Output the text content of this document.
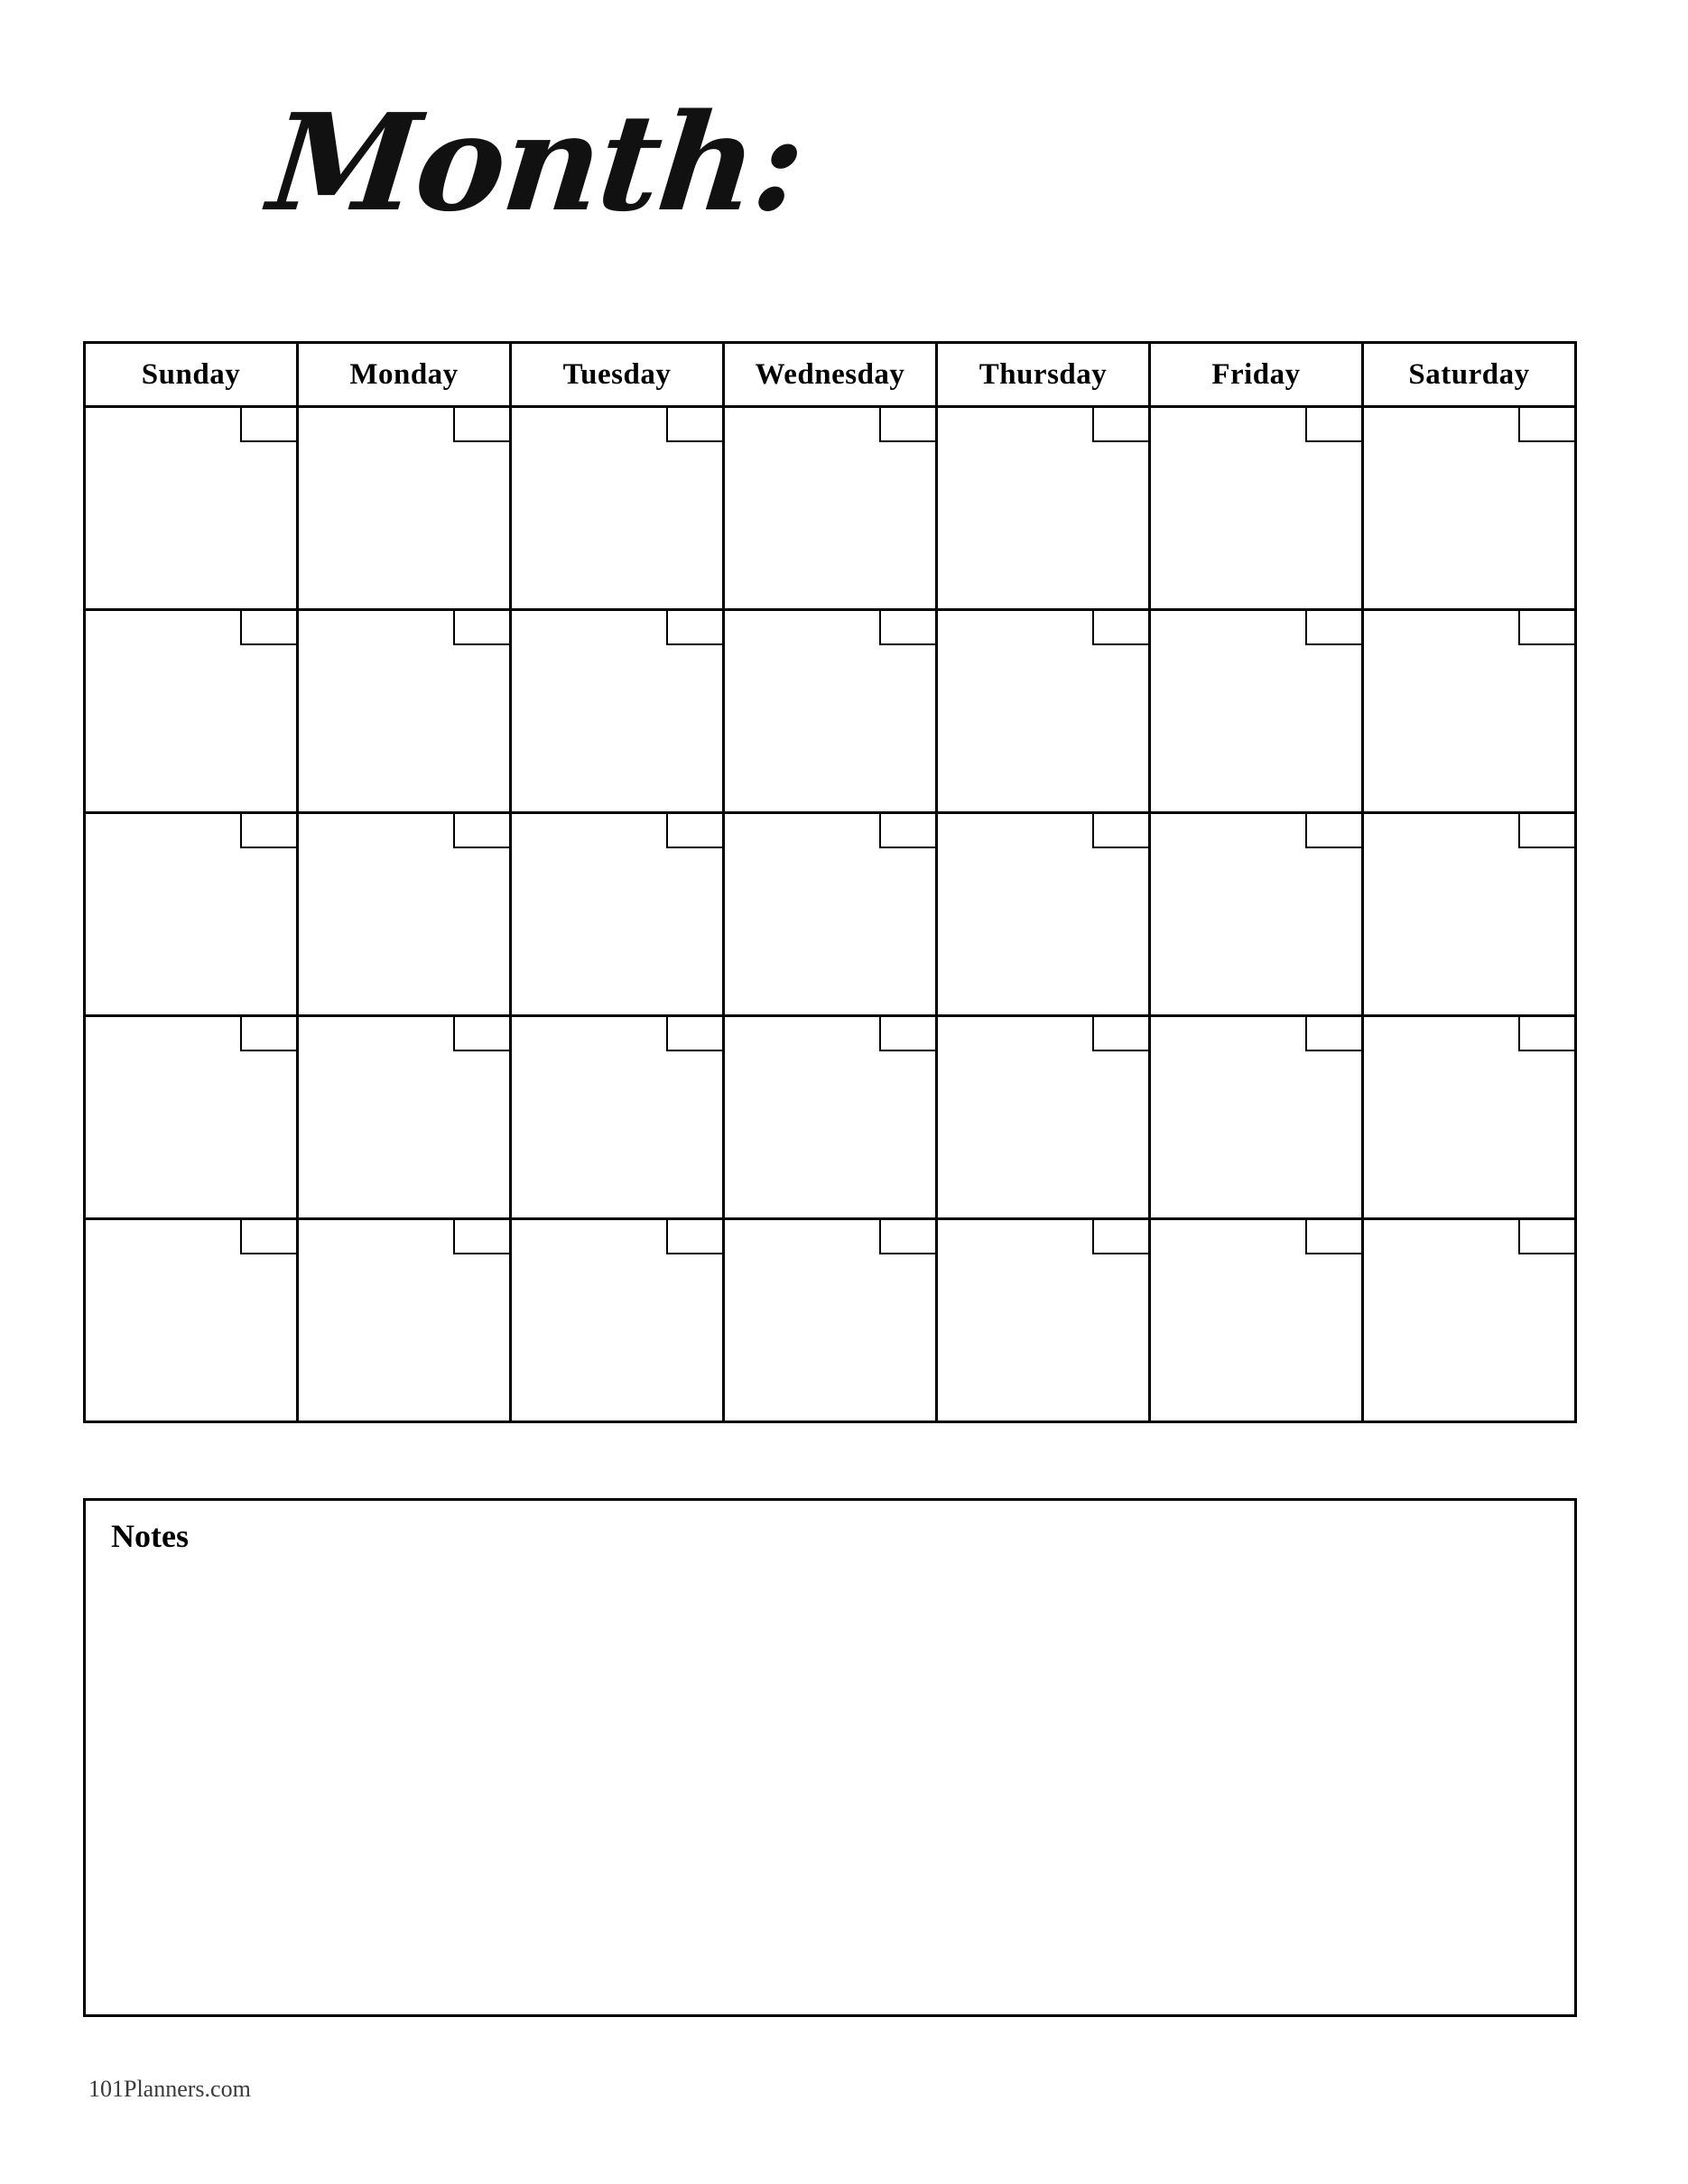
Month:
Sunday	Monday	Tuesday	Wednesday	Thursday	Friday	Saturday
Notes
101Planners.com
